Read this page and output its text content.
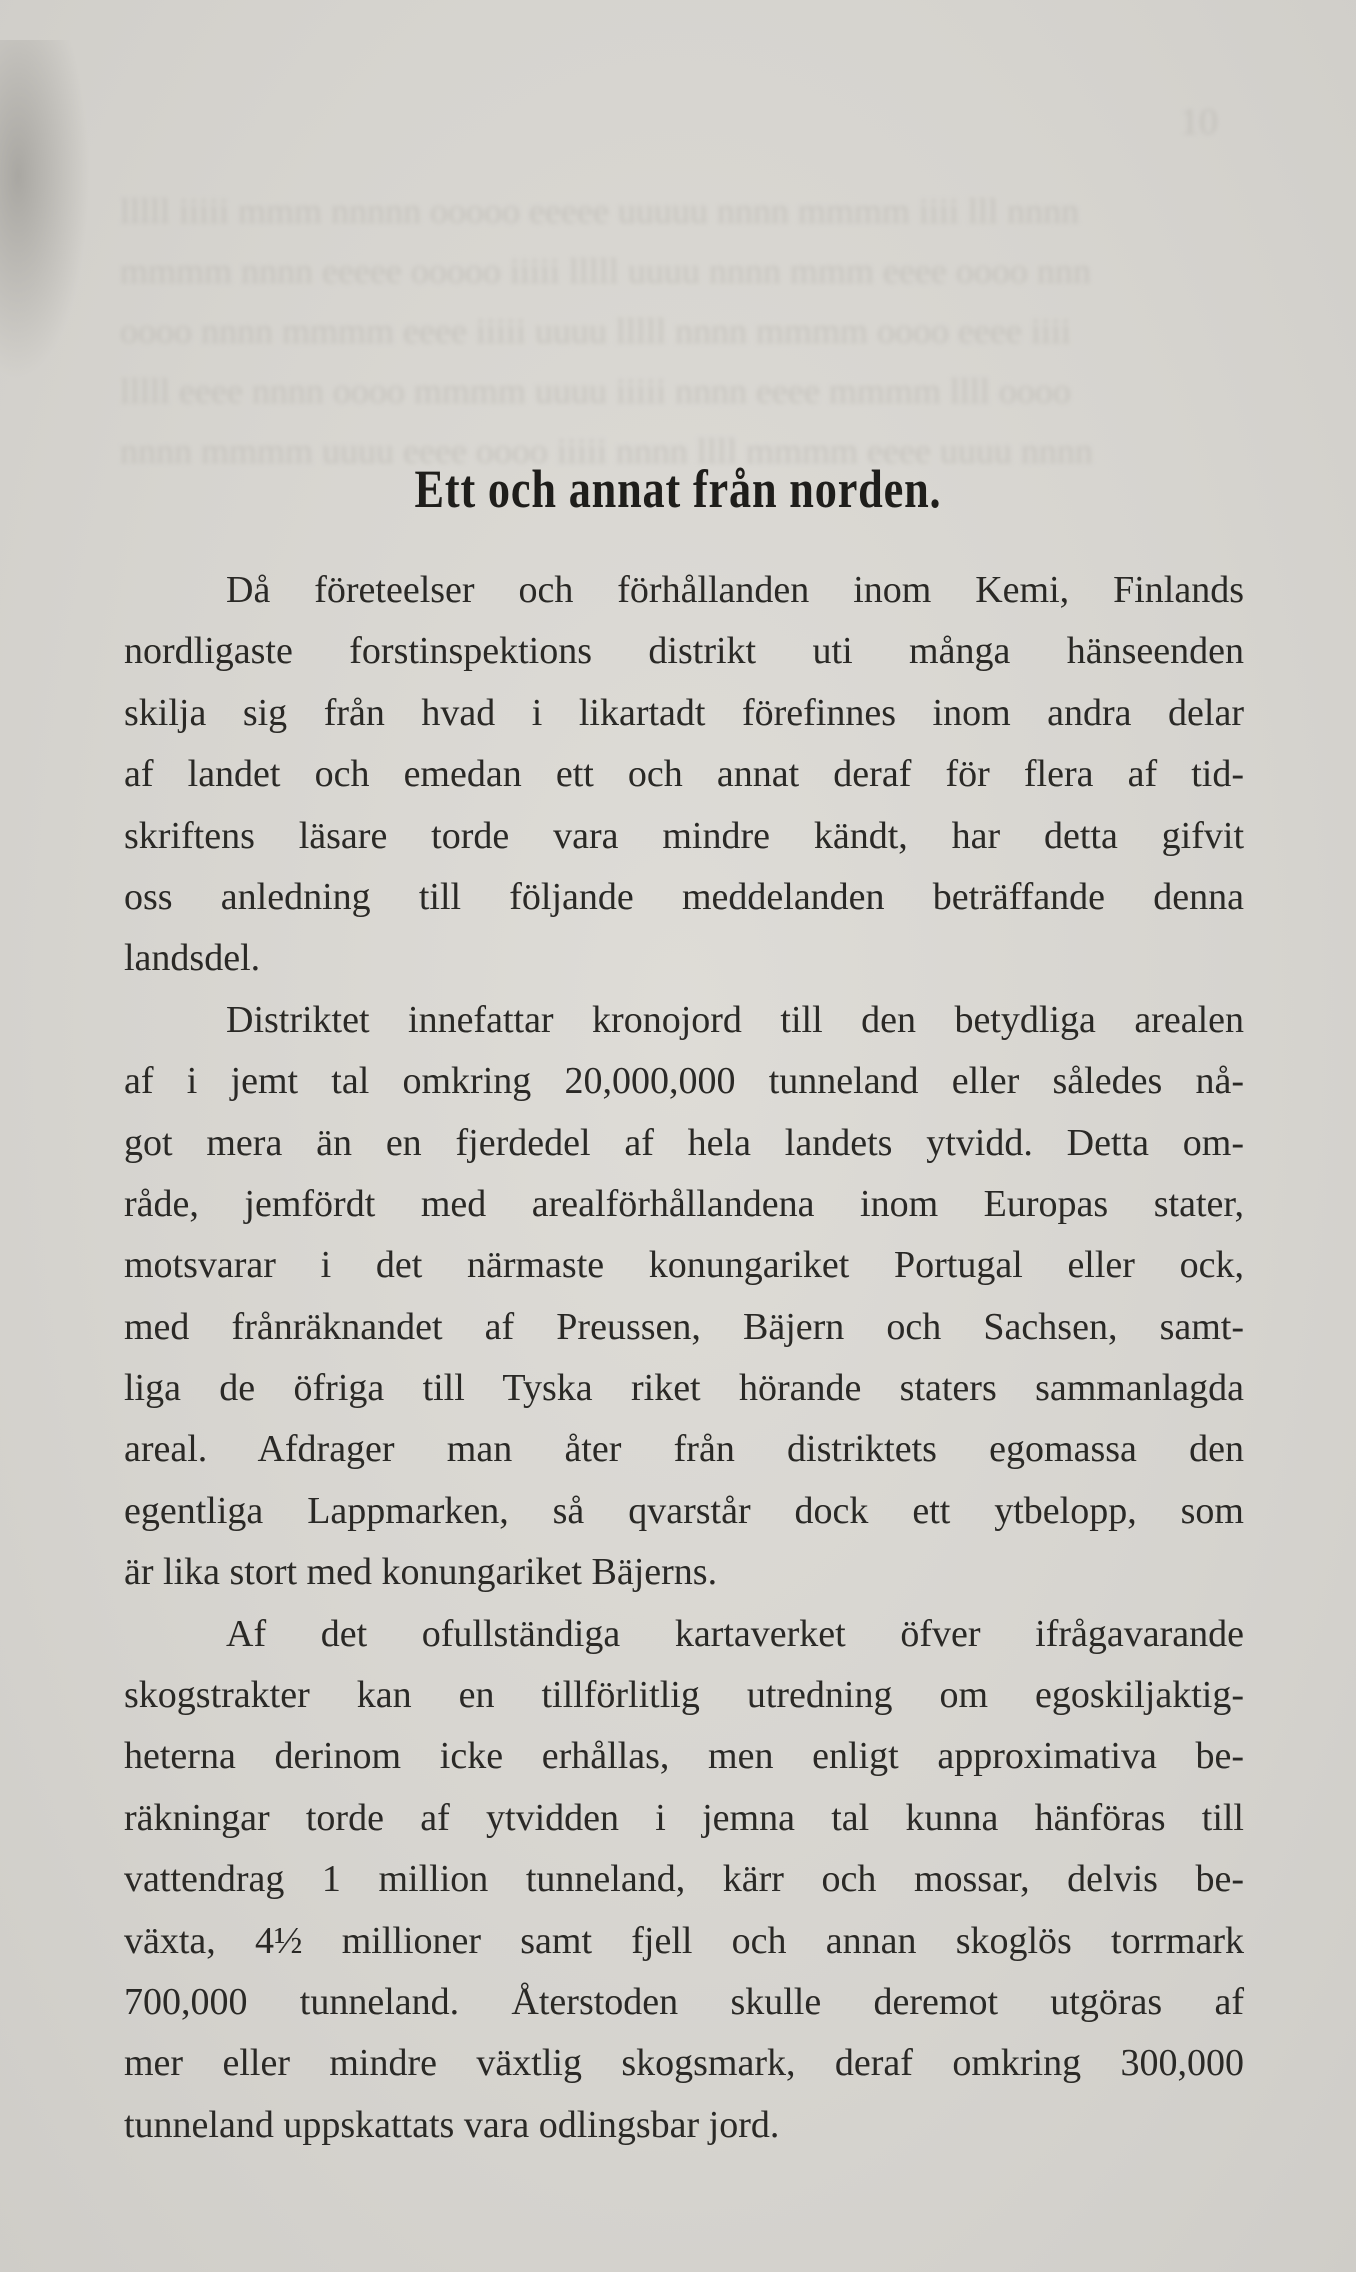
10
lllll iiiii mmm nnnnn ooooo eeeee uuuuu nnnn mmmm iiii lll nnnn
mmmm nnnn eeeee ooooo iiiii lllll uuuu nnnn mmm eeee oooo nnn
oooo nnnn mmmm eeee iiiii uuuu lllll nnnn mmmm oooo eeee iiii
lllll eeee nnnn oooo mmmm uuuu iiiii nnnn eeee mmmm llll oooo
nnnn mmmm uuuu eeee oooo iiiii nnnn llll mmmm eeee uuuu nnnn
Ett och annat från norden.
Då företeelser och förhållanden inom Kemi, Finlands
nordligaste forstinspektions distrikt uti många hänseenden
skilja sig från hvad i likartadt förefinnes inom andra delar
af landet och emedan ett och annat deraf för flera af tid-
skriftens läsare torde vara mindre kändt, har detta gifvit
oss anledning till följande meddelanden beträffande denna
landsdel.
Distriktet innefattar kronojord till den betydliga arealen
af i jemt tal omkring 20,000,000 tunneland eller således nå-
got mera än en fjerdedel af hela landets ytvidd. Detta om-
råde, jemfördt med arealförhållandena inom Europas stater,
motsvarar i det närmaste konungariket Portugal eller ock,
med frånräknandet af Preussen, Bäjern och Sachsen, samt-
liga de öfriga till Tyska riket hörande staters sammanlagda
areal. Afdrager man åter från distriktets egomassa den
egentliga Lappmarken, så qvarstår dock ett ytbelopp, som
är lika stort med konungariket Bäjerns.
Af det ofullständiga kartaverket öfver ifrågavarande
skogstrakter kan en tillförlitlig utredning om egoskiljaktig-
heterna derinom icke erhållas, men enligt approximativa be-
räkningar torde af ytvidden i jemna tal kunna hänföras till
vattendrag 1 million tunneland, kärr och mossar, delvis be-
växta, 4½ millioner samt fjell och annan skoglös torrmark
700,000 tunneland. Återstoden skulle deremot utgöras af
mer eller mindre växtlig skogsmark, deraf omkring 300,000
tunneland uppskattats vara odlingsbar jord.
